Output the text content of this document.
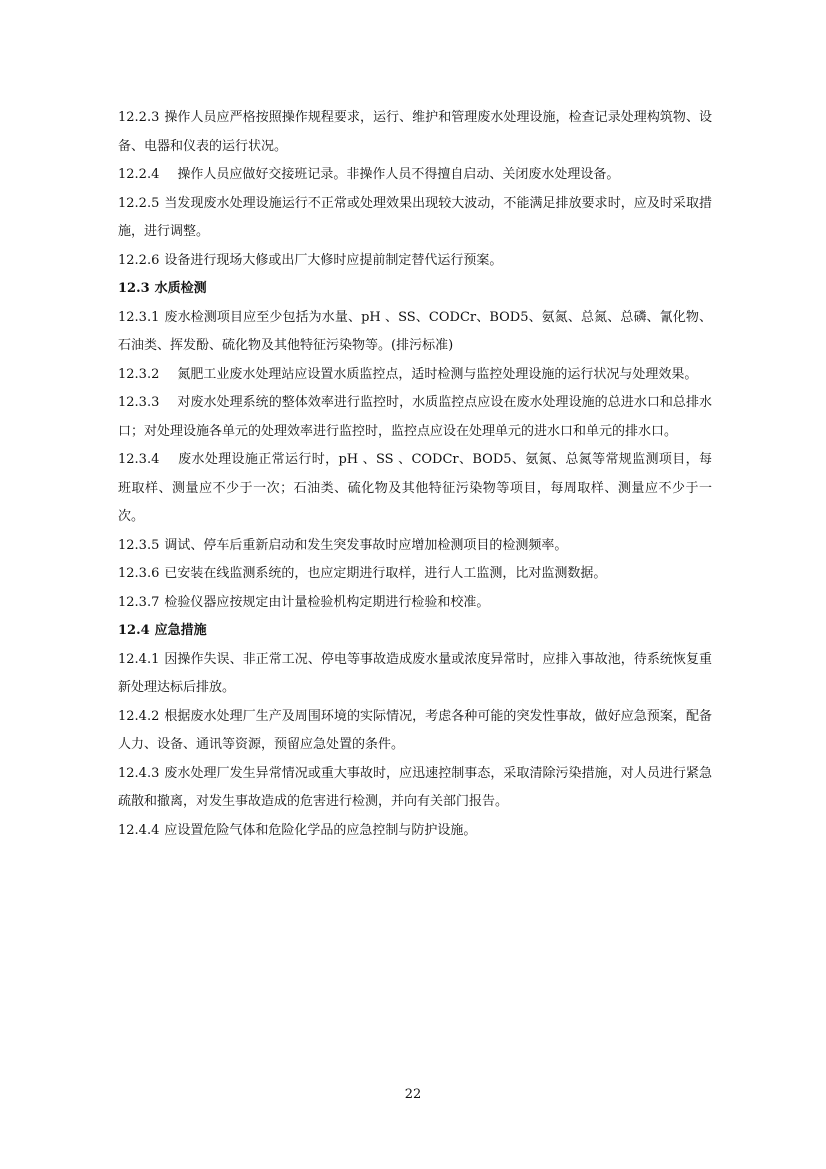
12.2.3 操作人员应严格按照操作规程要求，运行、维护和管理废水处理设施，检查记录处理构筑物、设备、电器和仪表的运行状况。

12.2.4　操作人员应做好交接班记录。非操作人员不得擅自启动、关闭废水处理设备。

12.2.5 当发现废水处理设施运行不正常或处理效果出现较大波动，不能满足排放要求时，应及时采取措施，进行调整。

12.2.6 设备进行现场大修或出厂大修时应提前制定替代运行预案。

12.3 水质检测

12.3.1 废水检测项目应至少包括为水量、pH 、SS、CODCr、BOD5、氨氮、总氮、总磷、氰化物、石油类、挥发酚、硫化物及其他特征污染物等。(排污标准)

12.3.2　氮肥工业废水处理站应设置水质监控点，适时检测与监控处理设施的运行状况与处理效果。

12.3.3　对废水处理系统的整体效率进行监控时，水质监控点应设在废水处理设施的总进水口和总排水口；对处理设施各单元的处理效率进行监控时，监控点应设在处理单元的进水口和单元的排水口。

12.3.4　废水处理设施正常运行时，pH 、SS 、CODCr、BOD5、氨氮、总氮等常规监测项目，每班取样、测量应不少于一次；石油类、硫化物及其他特征污染物等项目，每周取样、测量应不少于一次。

12.3.5 调试、停车后重新启动和发生突发事故时应增加检测项目的检测频率。

12.3.6 已安装在线监测系统的，也应定期进行取样，进行人工监测，比对监测数据。

12.3.7 检验仪器应按规定由计量检验机构定期进行检验和校准。

12.4 应急措施

12.4.1 因操作失误、非正常工况、停电等事故造成废水量或浓度异常时，应排入事故池，待系统恢复重新处理达标后排放。

12.4.2 根据废水处理厂生产及周围环境的实际情况，考虑各种可能的突发性事故，做好应急预案，配备人力、设备、通讯等资源，预留应急处置的条件。

12.4.3 废水处理厂发生异常情况或重大事故时，应迅速控制事态，采取清除污染措施，对人员进行紧急疏散和撤离，对发生事故造成的危害进行检测，并向有关部门报告。

12.4.4 应设置危险气体和危险化学品的应急控制与防护设施。

22
